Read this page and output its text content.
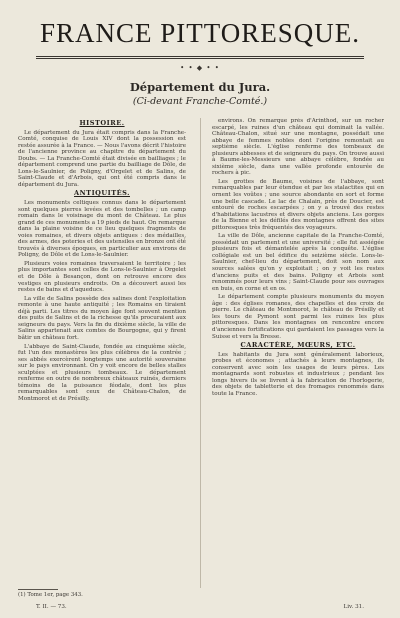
FRANCE PITTORESQUE.
• • ◆ • •
Département du Jura.
(Ci-devant Franche-Comté.)
HISTOIRE.

Le département du Jura était compris dans la Franche-Comté, conquise de Louis XIV dont la possession est restée assurée à la France. — Nous l'avons décrit l'histoire de l'ancienne province au chapitre du département du Doubs. — La Franche-Comté était divisée en bailliages ; le département comprend une partie du bailliage de Dôle, de Lons-le-Saulnier, de Poligny, d'Orgelet et de Salins, de Saint-Claude et d'Arbois, qui ont été compris dans le département du Jura.

ANTIQUITÉS.

Les monuments celtiques connus dans le département sont quelques pierres levées et des tombelles ; un camp romain dans le voisinage du mont de Château. Le plus grand de ces monuments a 19 pieds de haut. On remarque dans la plaine voisine de ce lieu quelques fragments de voies romaines, et divers objets antiques : des médailles, des armes, des poteries et des ustensiles en bronze ont été trouvés à diverses époques, en particulier aux environs de Poligny, de Dôle et de Lons-le-Saulnier.

Plusieurs voies romaines traversaient le territoire ; les plus importantes sont celles de Lons-le-Saulnier à Orgelet et de Dôle à Besançon, dont on retrouve encore des vestiges en plusieurs endroits. On a découvert aussi les restes de bains et d'aqueducs.

La ville de Salins possède des salines dont l'exploitation remonte à une haute antiquité ; les Romains en tiraient déjà parti. Les titres du moyen âge font souvent mention des puits de Salins et de la richesse qu'ils procuraient aux seigneurs du pays. Vers la fin du dixième siècle, la ville de Salins appartenait aux comtes de Bourgogne, qui y firent bâtir un château fort.

L'abbaye de Saint-Claude, fondée au cinquième siècle, fut l'un des monastères les plus célèbres de la contrée ; ses abbés exercèrent longtemps une autorité souveraine sur le pays environnant. On y voit encore de belles stalles sculptées et plusieurs tombeaux. Le département renferme en outre de nombreux châteaux ruinés, derniers témoins de la puissance féodale, dont les plus remarquables sont ceux de Château-Chalon, de Montmorot et de Présilly.

environs. On remarque près d'Arinthod, sur un rocher escarpé, les ruines d'un château qui dominait la vallée. Château-Chalon, situé sur une montagne, possédait une abbaye de femmes nobles dont l'origine remontait au septième siècle. L'église renferme des tombeaux de plusieurs abbesses et de seigneurs du pays. On trouve aussi à Baume-les-Messieurs une abbaye célèbre, fondée au sixième siècle, dans une vallée profonde entourée de rochers à pic.

Les grottes de Baume, voisines de l'abbaye, sont remarquables par leur étendue et par les stalactites qui en ornent les voûtes ; une source abondante en sort et forme une belle cascade. Le lac de Chalain, près de Doucier, est entouré de roches escarpées ; on y a trouvé des restes d'habitations lacustres et divers objets anciens. Les gorges de la Bienne et les défilés des montagnes offrent des sites pittoresques très fréquentés des voyageurs.

La ville de Dôle, ancienne capitale de la Franche-Comté, possédait un parlement et une université ; elle fut assiégée plusieurs fois et démantelée après la conquête. L'église collégiale est un bel édifice du seizième siècle. Lons-le-Saulnier, chef-lieu du département, doit son nom aux sources salées qu'on y exploitait ; on y voit les restes d'anciens puits et des bains. Poligny et Arbois sont renommés pour leurs vins ; Saint-Claude pour ses ouvrages en buis, en corne et en os.

Le département compte plusieurs monuments du moyen âge : des églises romanes, des chapelles et des croix de pierre. Le château de Montmorot, le château de Présilly et les tours de Pymont sont parmi les ruines les plus pittoresques. Dans les montagnes on rencontre encore d'anciennes fortifications qui gardaient les passages vers la Suisse et vers la Bresse.

CARACTÈRE, MŒURS, ETC.

Les habitants du Jura sont généralement laborieux, probes et économes ; attachés à leurs montagnes, ils conservent avec soin les usages de leurs pères. Les montagnards sont robustes et industrieux ; pendant les longs hivers ils se livrent à la fabrication de l'horlogerie, des objets de tabletterie et des fromages renommés dans toute la France.

(1) Tome 1er, page 343.
T. II. — 73.	Liv. 31.
